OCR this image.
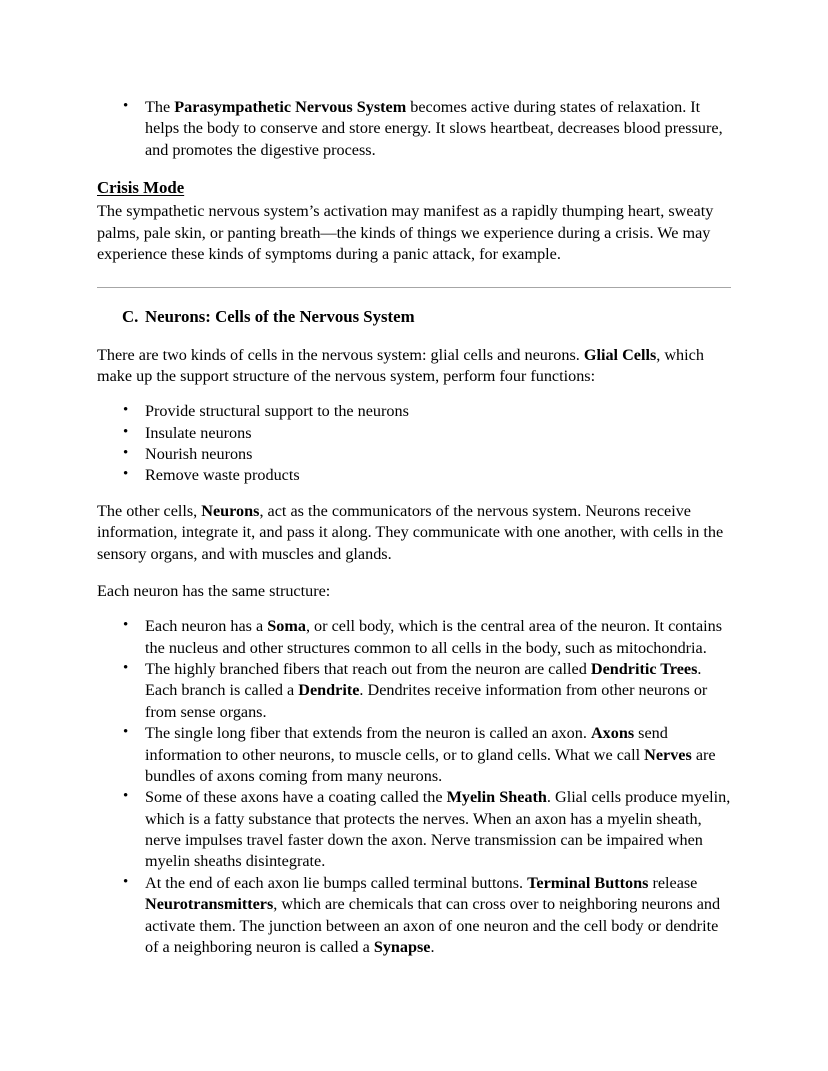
• The Parasympathetic Nervous System becomes active during states of relaxation. It helps the body to conserve and store energy. It slows heartbeat, decreases blood pressure, and promotes the digestive process.
Crisis Mode

The sympathetic nervous system’s activation may manifest as a rapidly thumping heart, sweaty palms, pale skin, or panting breath—the kinds of things we experience during a crisis. We may experience these kinds of symptoms during a panic attack, for example.

C. Neurons: Cells of the Nervous System

There are two kinds of cells in the nervous system: glial cells and neurons. Glial Cells, which make up the support structure of the nervous system, perform four functions:

• Provide structural support to the neurons
• Insulate neurons
• Nourish neurons
• Remove waste products

The other cells, Neurons, act as the communicators of the nervous system. Neurons receive information, integrate it, and pass it along. They communicate with one another, with cells in the sensory organs, and with muscles and glands.

Each neuron has the same structure:

• Each neuron has a Soma, or cell body, which is the central area of the neuron. It contains the nucleus and other structures common to all cells in the body, such as mitochondria.
• The highly branched fibers that reach out from the neuron are called Dendritic Trees. Each branch is called a Dendrite. Dendrites receive information from other neurons or from sense organs.
• The single long fiber that extends from the neuron is called an axon. Axons send information to other neurons, to muscle cells, or to gland cells. What we call Nerves are bundles of axons coming from many neurons.
• Some of these axons have a coating called the Myelin Sheath. Glial cells produce myelin, which is a fatty substance that protects the nerves. When an axon has a myelin sheath, nerve impulses travel faster down the axon. Nerve transmission can be impaired when myelin sheaths disintegrate.
• At the end of each axon lie bumps called terminal buttons. Terminal Buttons release Neurotransmitters, which are chemicals that can cross over to neighboring neurons and activate them. The junction between an axon of one neuron and the cell body or dendrite of a neighboring neuron is called a Synapse.
